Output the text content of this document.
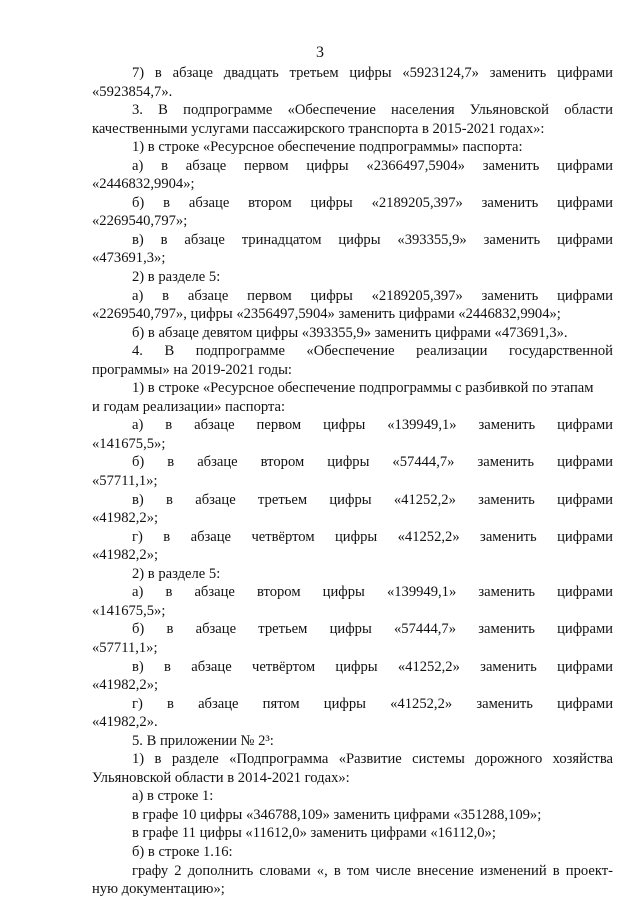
3
7) в абзаце двадцать третьем цифры «5923124,7» заменить цифрами
«5923854,7».
3. В подпрограмме «Обеспечение населения Ульяновской области
качественными услугами пассажирского транспорта в 2015-2021 годах»:
1) в строке «Ресурсное обеспечение подпрограммы» паспорта:
а) в абзаце первом цифры «2366497,5904» заменить цифрами
«2446832,9904»;
б) в абзаце втором цифры «2189205,397» заменить цифрами
«2269540,797»;
в) в абзаце тринадцатом цифры «393355,9» заменить цифрами
«473691,3»;
2) в разделе 5:
а) в абзаце первом цифры «2189205,397» заменить цифрами
«2269540,797», цифры «2356497,5904» заменить цифрами «2446832,9904»;
б) в абзаце девятом цифры «393355,9» заменить цифрами «473691,3».
4. В подпрограмме «Обеспечение реализации государственной
программы» на 2019-2021 годы:
1) в строке «Ресурсное обеспечение подпрограммы с разбивкой по этапам
и годам реализации» паспорта:
а) в абзаце первом цифры «139949,1» заменить цифрами
«141675,5»;
б) в абзаце втором цифры «57444,7» заменить цифрами
«57711,1»;
в) в абзаце третьем цифры «41252,2» заменить цифрами
«41982,2»;
г) в абзаце четвёртом цифры «41252,2» заменить цифрами
«41982,2»;
2) в разделе 5:
а) в абзаце втором цифры «139949,1» заменить цифрами
«141675,5»;
б) в абзаце третьем цифры «57444,7» заменить цифрами
«57711,1»;
в) в абзаце четвёртом цифры «41252,2» заменить цифрами
«41982,2»;
г) в абзаце пятом цифры «41252,2» заменить цифрами
«41982,2».
5. В приложении № 2³:
1) в разделе «Подпрограмма «Развитие системы дорожного хозяйства
Ульяновской области в 2014-2021 годах»:
а) в строке 1:
в графе 10 цифры «346788,109» заменить цифрами «351288,109»;
в графе 11 цифры «11612,0» заменить цифрами «16112,0»;
б) в строке 1.16:
графу 2 дополнить словами «, в том числе внесение изменений в проект-
ную документацию»;
